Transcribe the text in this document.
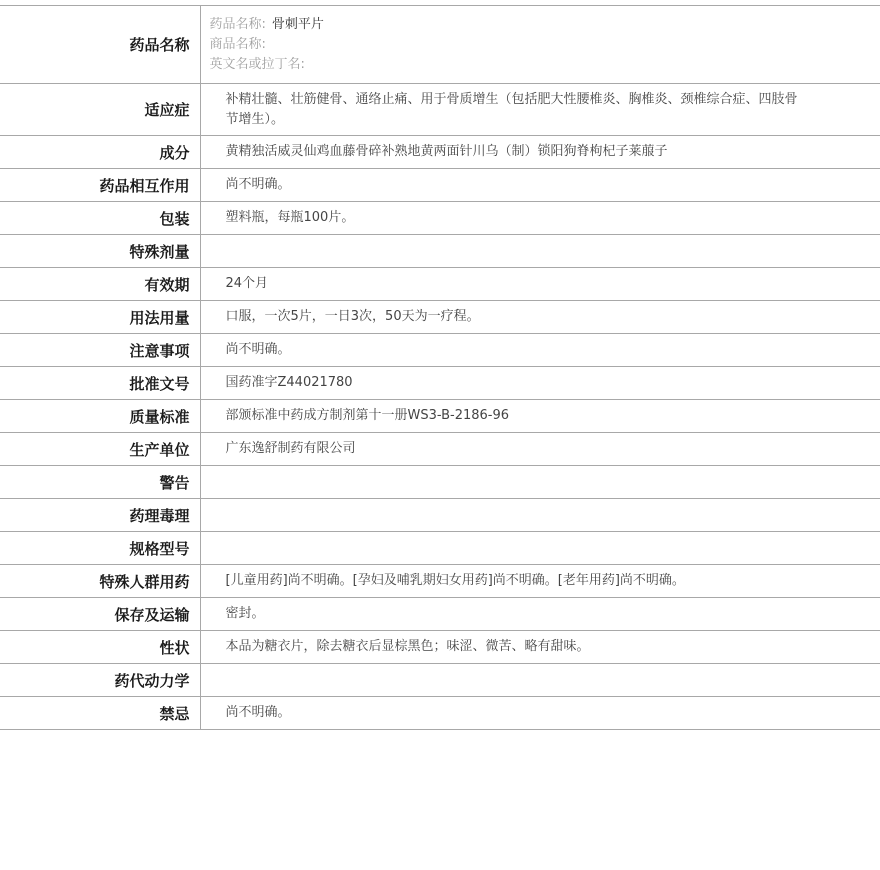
药品名称	药品名称: 骨刺平片
商品名称:
英文名或拉丁名:

适应症	补精壮髓、壮筋健骨、通络止痛、用于骨质增生（包括肥大性腰椎炎、胸椎炎、颈椎综合症、四肢骨节增生）。
成分	黄精独活威灵仙鸡血藤骨碎补熟地黄两面针川乌（制）锁阳狗脊枸杞子莱菔子
药品相互作用	尚不明确。
包装	塑料瓶，每瓶100片。
特殊剂量	
有效期	24个月
用法用量	口服，一次5片，一日3次，50天为一疗程。
注意事项	尚不明确。
批准文号	国药准字Z44021780
质量标准	部颁标准中药成方制剂第十一册WS3-B-2186-96
生产单位	广东逸舒制药有限公司
警告	
药理毒理	
规格型号	
特殊人群用药	[儿童用药]尚不明确。[孕妇及哺乳期妇女用药]尚不明确。[老年用药]尚不明确。
保存及运输	密封。
性状	本品为糖衣片，除去糖衣后显棕黑色；味涩、微苦、略有甜味。
药代动力学	
禁忌	尚不明确。
